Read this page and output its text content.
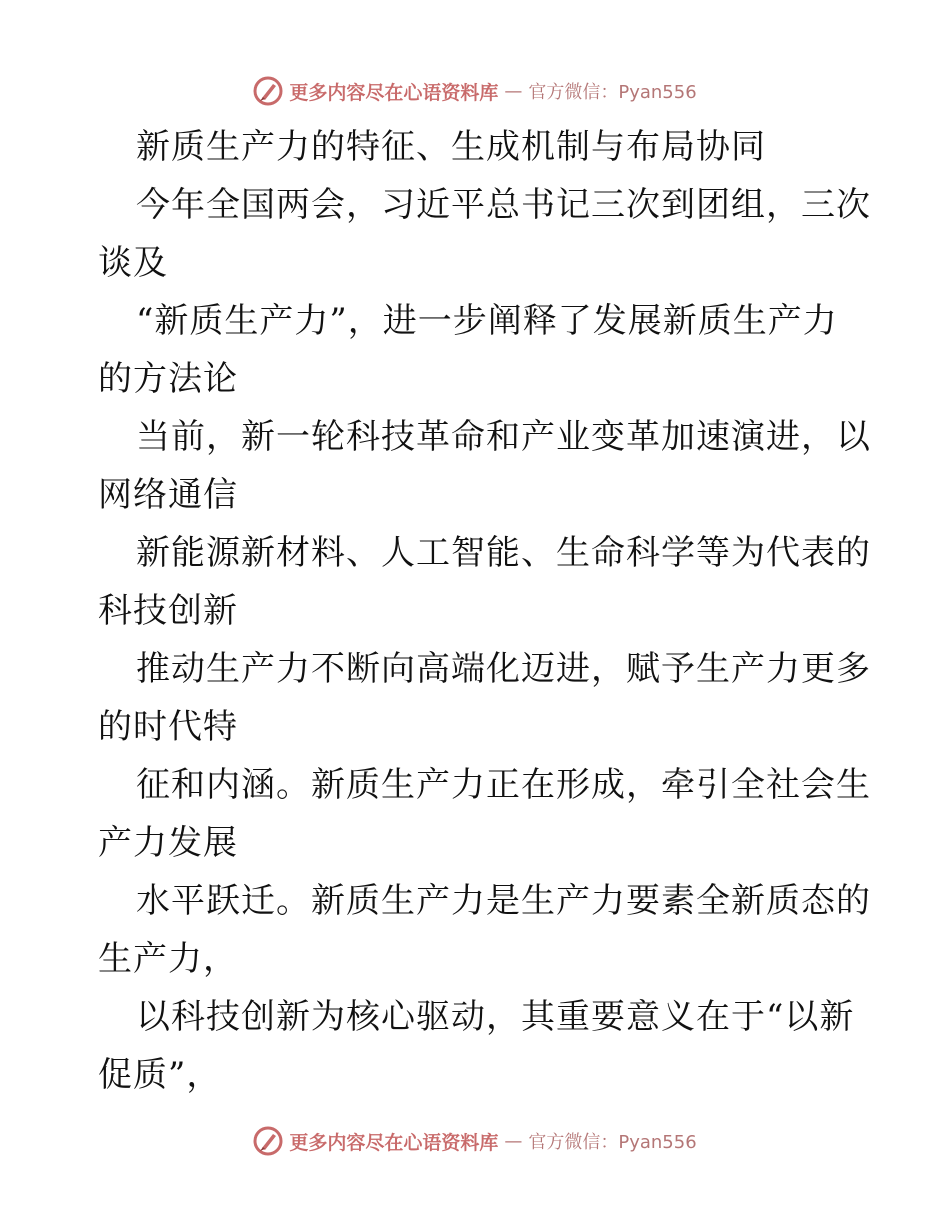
更多内容尽在心语资料库 — 官方微信：Pyan556
新质生产力的特征、生成机制与布局协同
今年全国两会，习近平总书记三次到团组，三次
谈及
“新质生产力”，进一步阐释了发展新质生产力
的方法论
当前，新一轮科技革命和产业变革加速演进，以
网络通信
新能源新材料、人工智能、生命科学等为代表的
科技创新
推动生产力不断向高端化迈进，赋予生产力更多
的时代特
征和内涵。新质生产力正在形成，牵引全社会生
产力发展
水平跃迁。新质生产力是生产力要素全新质态的
生产力，
以科技创新为核心驱动，其重要意义在于“以新
促质”，
更多内容尽在心语资料库 — 官方微信：Pyan556
